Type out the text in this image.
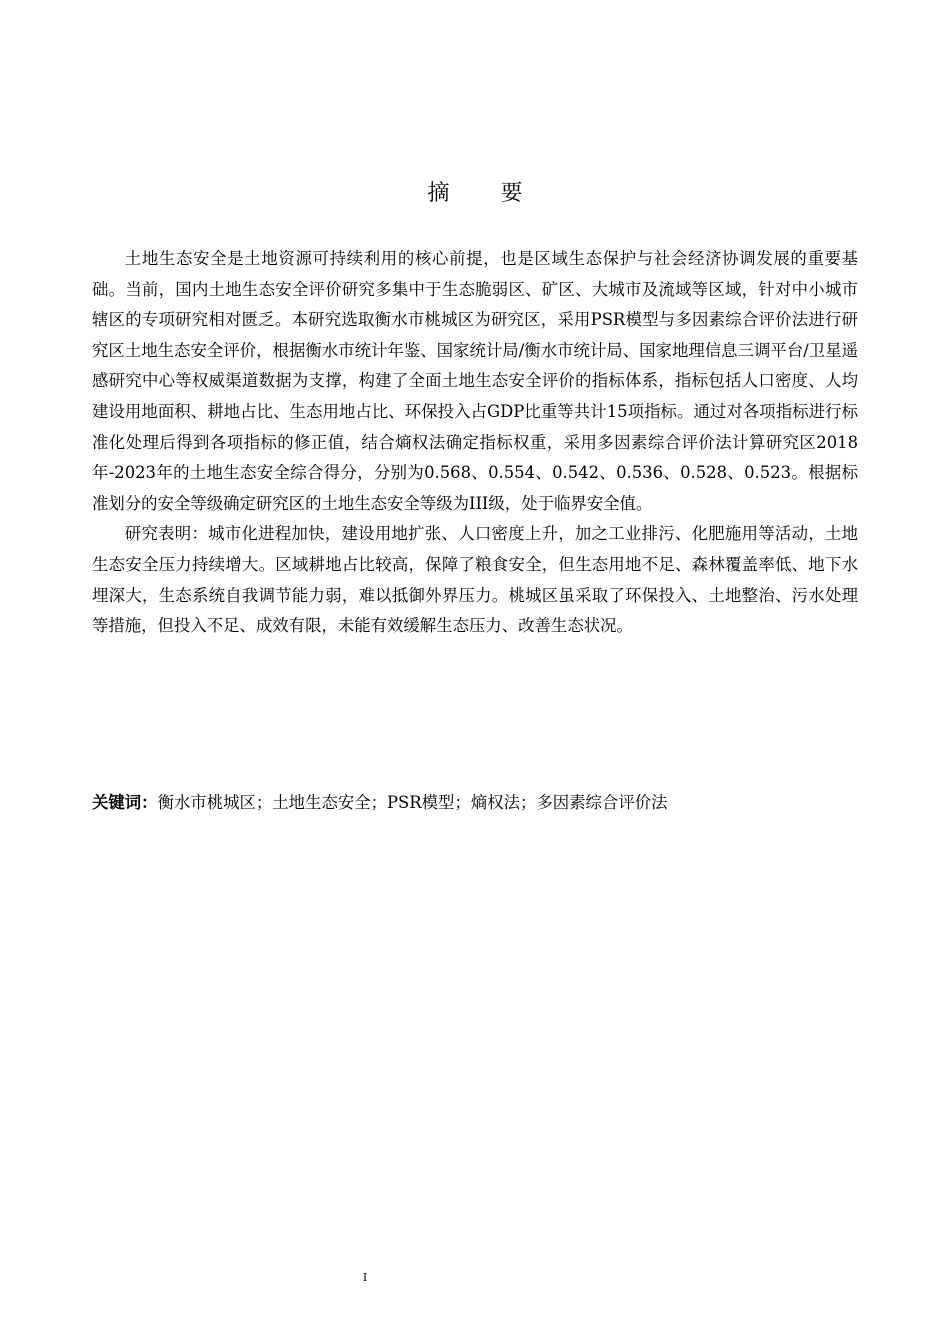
摘 要

土地生态安全是土地资源可持续利用的核心前提，也是区域生态保护与社会经济协调发展的重要基础。当前，国内土地生态安全评价研究多集中于生态脆弱区、矿区、大城市及流域等区域，针对中小城市辖区的专项研究相对匮乏。本研究选取衡水市桃城区为研究区，采用PSR模型与多因素综合评价法进行研究区土地生态安全评价，根据衡水市统计年鉴、国家统计局/衡水市统计局、国家地理信息三调平台/卫星遥感研究中心等权威渠道数据为支撑，构建了全面土地生态安全评价的指标体系，指标包括人口密度、人均建设用地面积、耕地占比、生态用地占比、环保投入占GDP比重等共计15项指标。通过对各项指标进行标准化处理后得到各项指标的修正值，结合熵权法确定指标权重，采用多因素综合评价法计算研究区2018年-2023年的土地生态安全综合得分，分别为0.568、0.554、0.542、0.536、0.528、0.523。根据标准划分的安全等级确定研究区的土地生态安全等级为III级，处于临界安全值。

研究表明：城市化进程加快，建设用地扩张、人口密度上升，加之工业排污、化肥施用等活动，土地生态安全压力持续增大。区域耕地占比较高，保障了粮食安全，但生态用地不足、森林覆盖率低、地下水埋深大，生态系统自我调节能力弱，难以抵御外界压力。桃城区虽采取了环保投入、土地整治、污水处理等措施，但投入不足、成效有限，未能有效缓解生态压力、改善生态状况。

关键词：衡水市桃城区；土地生态安全；PSR模型；熵权法；多因素综合评价法
I
